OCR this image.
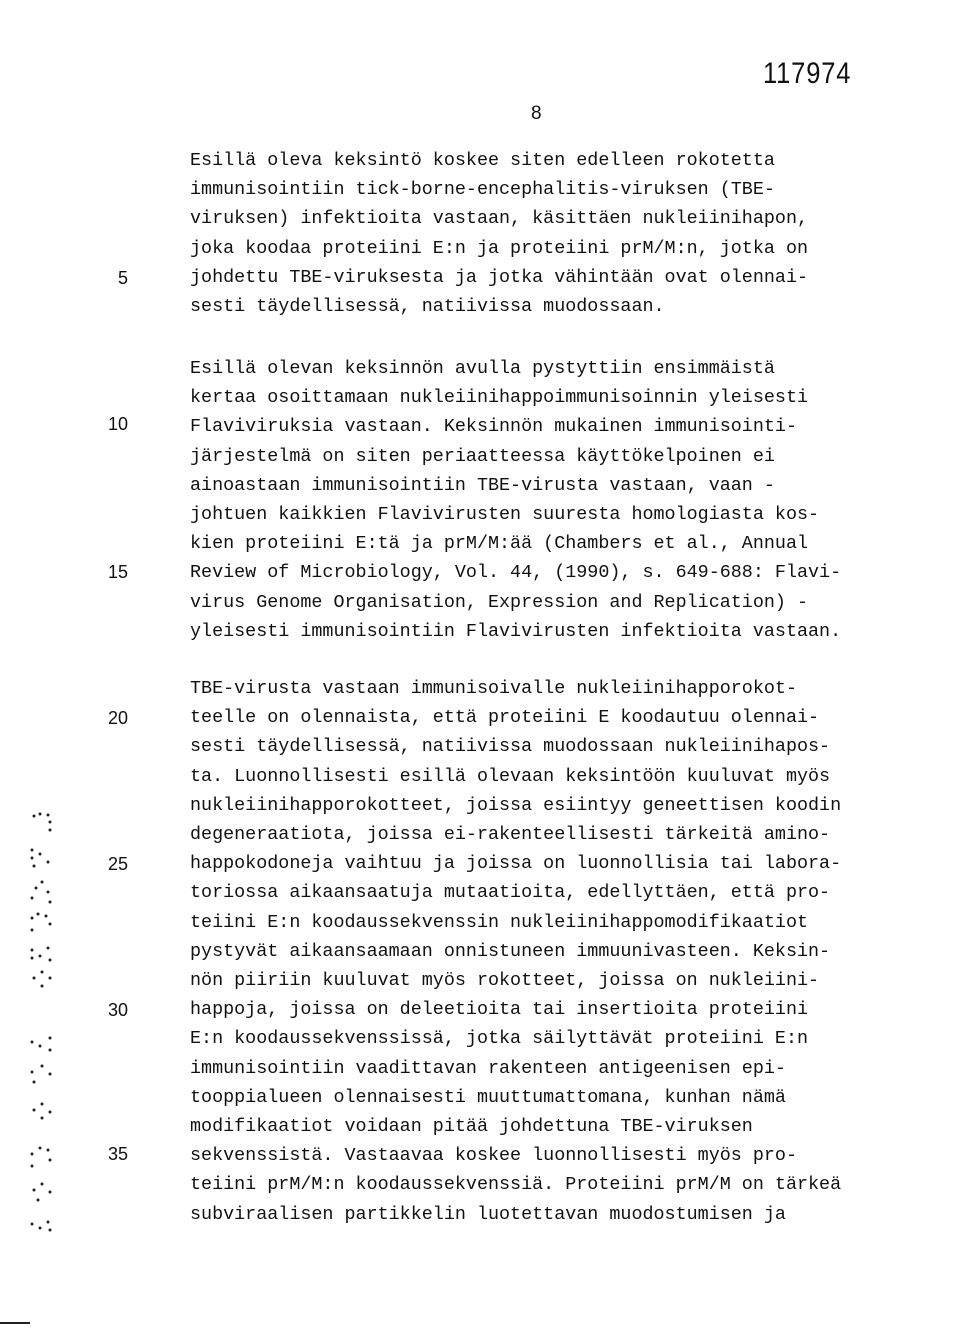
117974
8
Esillä oleva keksintö koskee siten edelleen rokotetta
immunisointiin tick-borne-encephalitis-viruksen (TBE-
viruksen) infektioita vastaan, käsittäen nukleiinihapon,
joka koodaa proteiini E:n ja proteiini prM/M:n, jotka on
johdettu TBE-viruksesta ja jotka vähintään ovat olennai-
sesti täydellisessä, natiivissa muodossaan.
Esillä olevan keksinnön avulla pystyttiin ensimmäistä
kertaa osoittamaan nukleiinihappoimmunisoinnin yleisesti
Flaviviruksia vastaan. Keksinnön mukainen immunisointi-
järjestelmä on siten periaatteessa käyttökelpoinen ei
ainoastaan immunisointiin TBE-virusta vastaan, vaan -
johtuen kaikkien Flavivirusten suuresta homologiasta kos-
kien proteiini E:tä ja prM/M:ää (Chambers et al., Annual
Review of Microbiology, Vol. 44, (1990), s. 649-688: Flavi-
virus Genome Organisation, Expression and Replication) -
yleisesti immunisointiin Flavivirusten infektioita vastaan.
TBE-virusta vastaan immunisoivalle nukleiinihapporokot-
teelle on olennaista, että proteiini E koodautuu olennai-
sesti täydellisessä, natiivissa muodossaan nukleiinihapos-
ta. Luonnollisesti esillä olevaan keksintöön kuuluvat myös
nukleiinihapporokotteet, joissa esiintyy geneettisen koodin
degeneraatiota, joissa ei-rakenteellisesti tärkeitä amino-
happokodoneja vaihtuu ja joissa on luonnollisia tai labora-
toriossa aikaansaatuja mutaatioita, edellyttäen, että pro-
teiini E:n koodaussekvenssin nukleiinihappomodifikaatiot
pystyvät aikaansaamaan onnistuneen immuunivasteen. Keksin-
nön piiriin kuuluvat myös rokotteet, joissa on nukleiini-
happoja, joissa on deleetioita tai insertioita proteiini
E:n koodaussekvenssissä, jotka säilyttävät proteiini E:n
immunisointiin vaadittavan rakenteen antigeenisen epi-
tooppialueen olennaisesti muuttumattomana, kunhan nämä
modifikaatiot voidaan pitää johdettuna TBE-viruksen
sekvenssistä. Vastaavaa koskee luonnollisesti myös pro-
teiini prM/M:n koodaussekvenssiä. Proteiini prM/M on tärkeä
subviraalisen partikkelin luotettavan muodostumisen ja
5
10
15
20
25
30
35
